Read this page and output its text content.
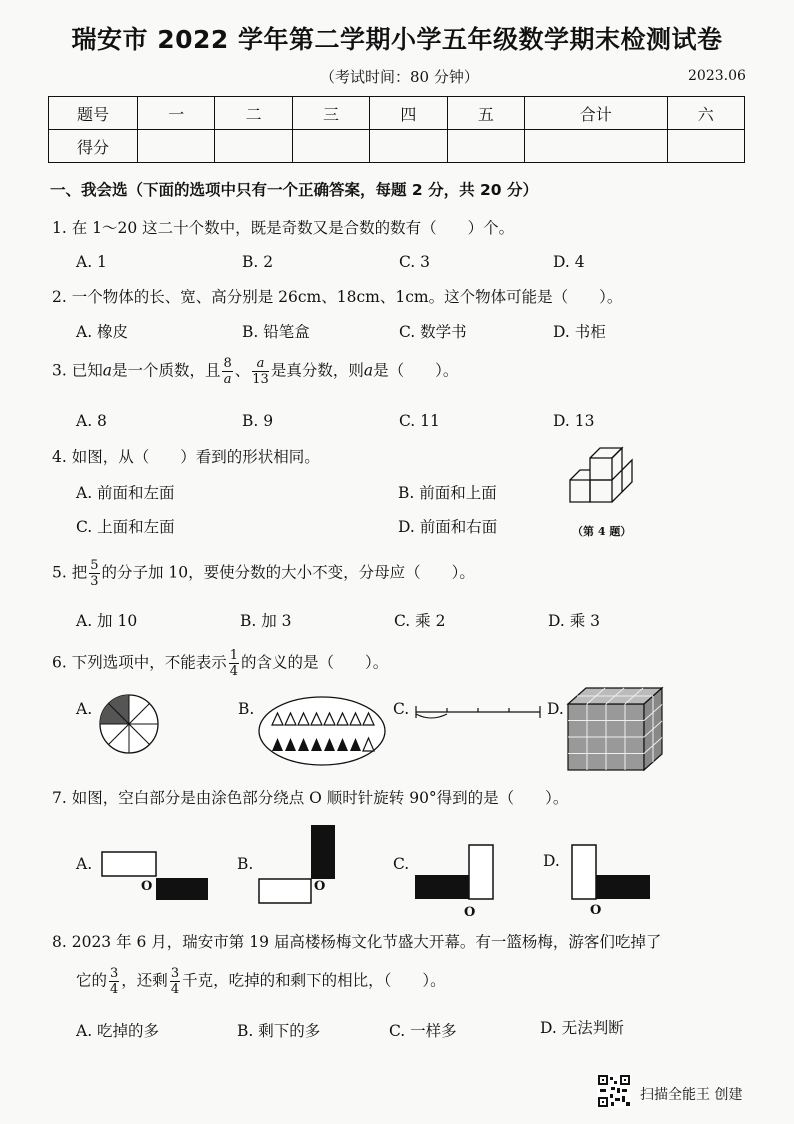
瑞安市 2022 学年第二学期小学五年级数学期末检测试卷
（考试时间：80 分钟）	2023.06
题号	一	二	三	四	五	合计	六
得分							
一、我会选（下面的选项中只有一个正确答案，每题 2 分，共 20 分）
1. 在 1～20 这二十个数中，既是奇数又是合数的数有（　　）个。
A. 1	B. 2	C. 3	D. 4
2. 一个物体的长、宽、高分别是 26cm、18cm、1cm。这个物体可能是（　　）。
A. 橡皮	B. 铅笔盒	C. 数学书	D. 书柜
3. 已知a是一个质数，且 $\frac{8}{a}$ 、 $\frac{a}{13}$ 是真分数，则a是（　　）。
A. 8	B. 9	C. 11	D. 13
4. 如图，从（　　）看到的形状相同。
A. 前面和左面	B. 前面和上面
C. 上面和左面	D. 前面和右面	（第 4 题）
5. 把 $\frac{5}{3}$ 的分子加 10，要使分数的大小不变，分母应（　　）。
A. 加 10	B. 加 3	C. 乘 2	D. 乘 3
6. 下列选项中，不能表示 $\frac{1}{4}$ 的含义的是（　　）。
A.	B.	C.	D.
7. 如图，空白部分是由涂色部分绕点 O 顺时针旋转 90°得到的是（　　）。
A.	B.	C.	D.
O	O
O	O
8. 2023 年 6 月，瑞安市第 19 届高楼杨梅文化节盛大开幕。有一篮杨梅，游客们吃掉了
它的 $\frac{3}{4}$ ，还剩 $\frac{3}{4}$ 千克，吃掉的和剩下的相比，（　　）。
A. 吃掉的多	B. 剩下的多	C. 一样多	D. 无法判断
扫描全能王 创建
